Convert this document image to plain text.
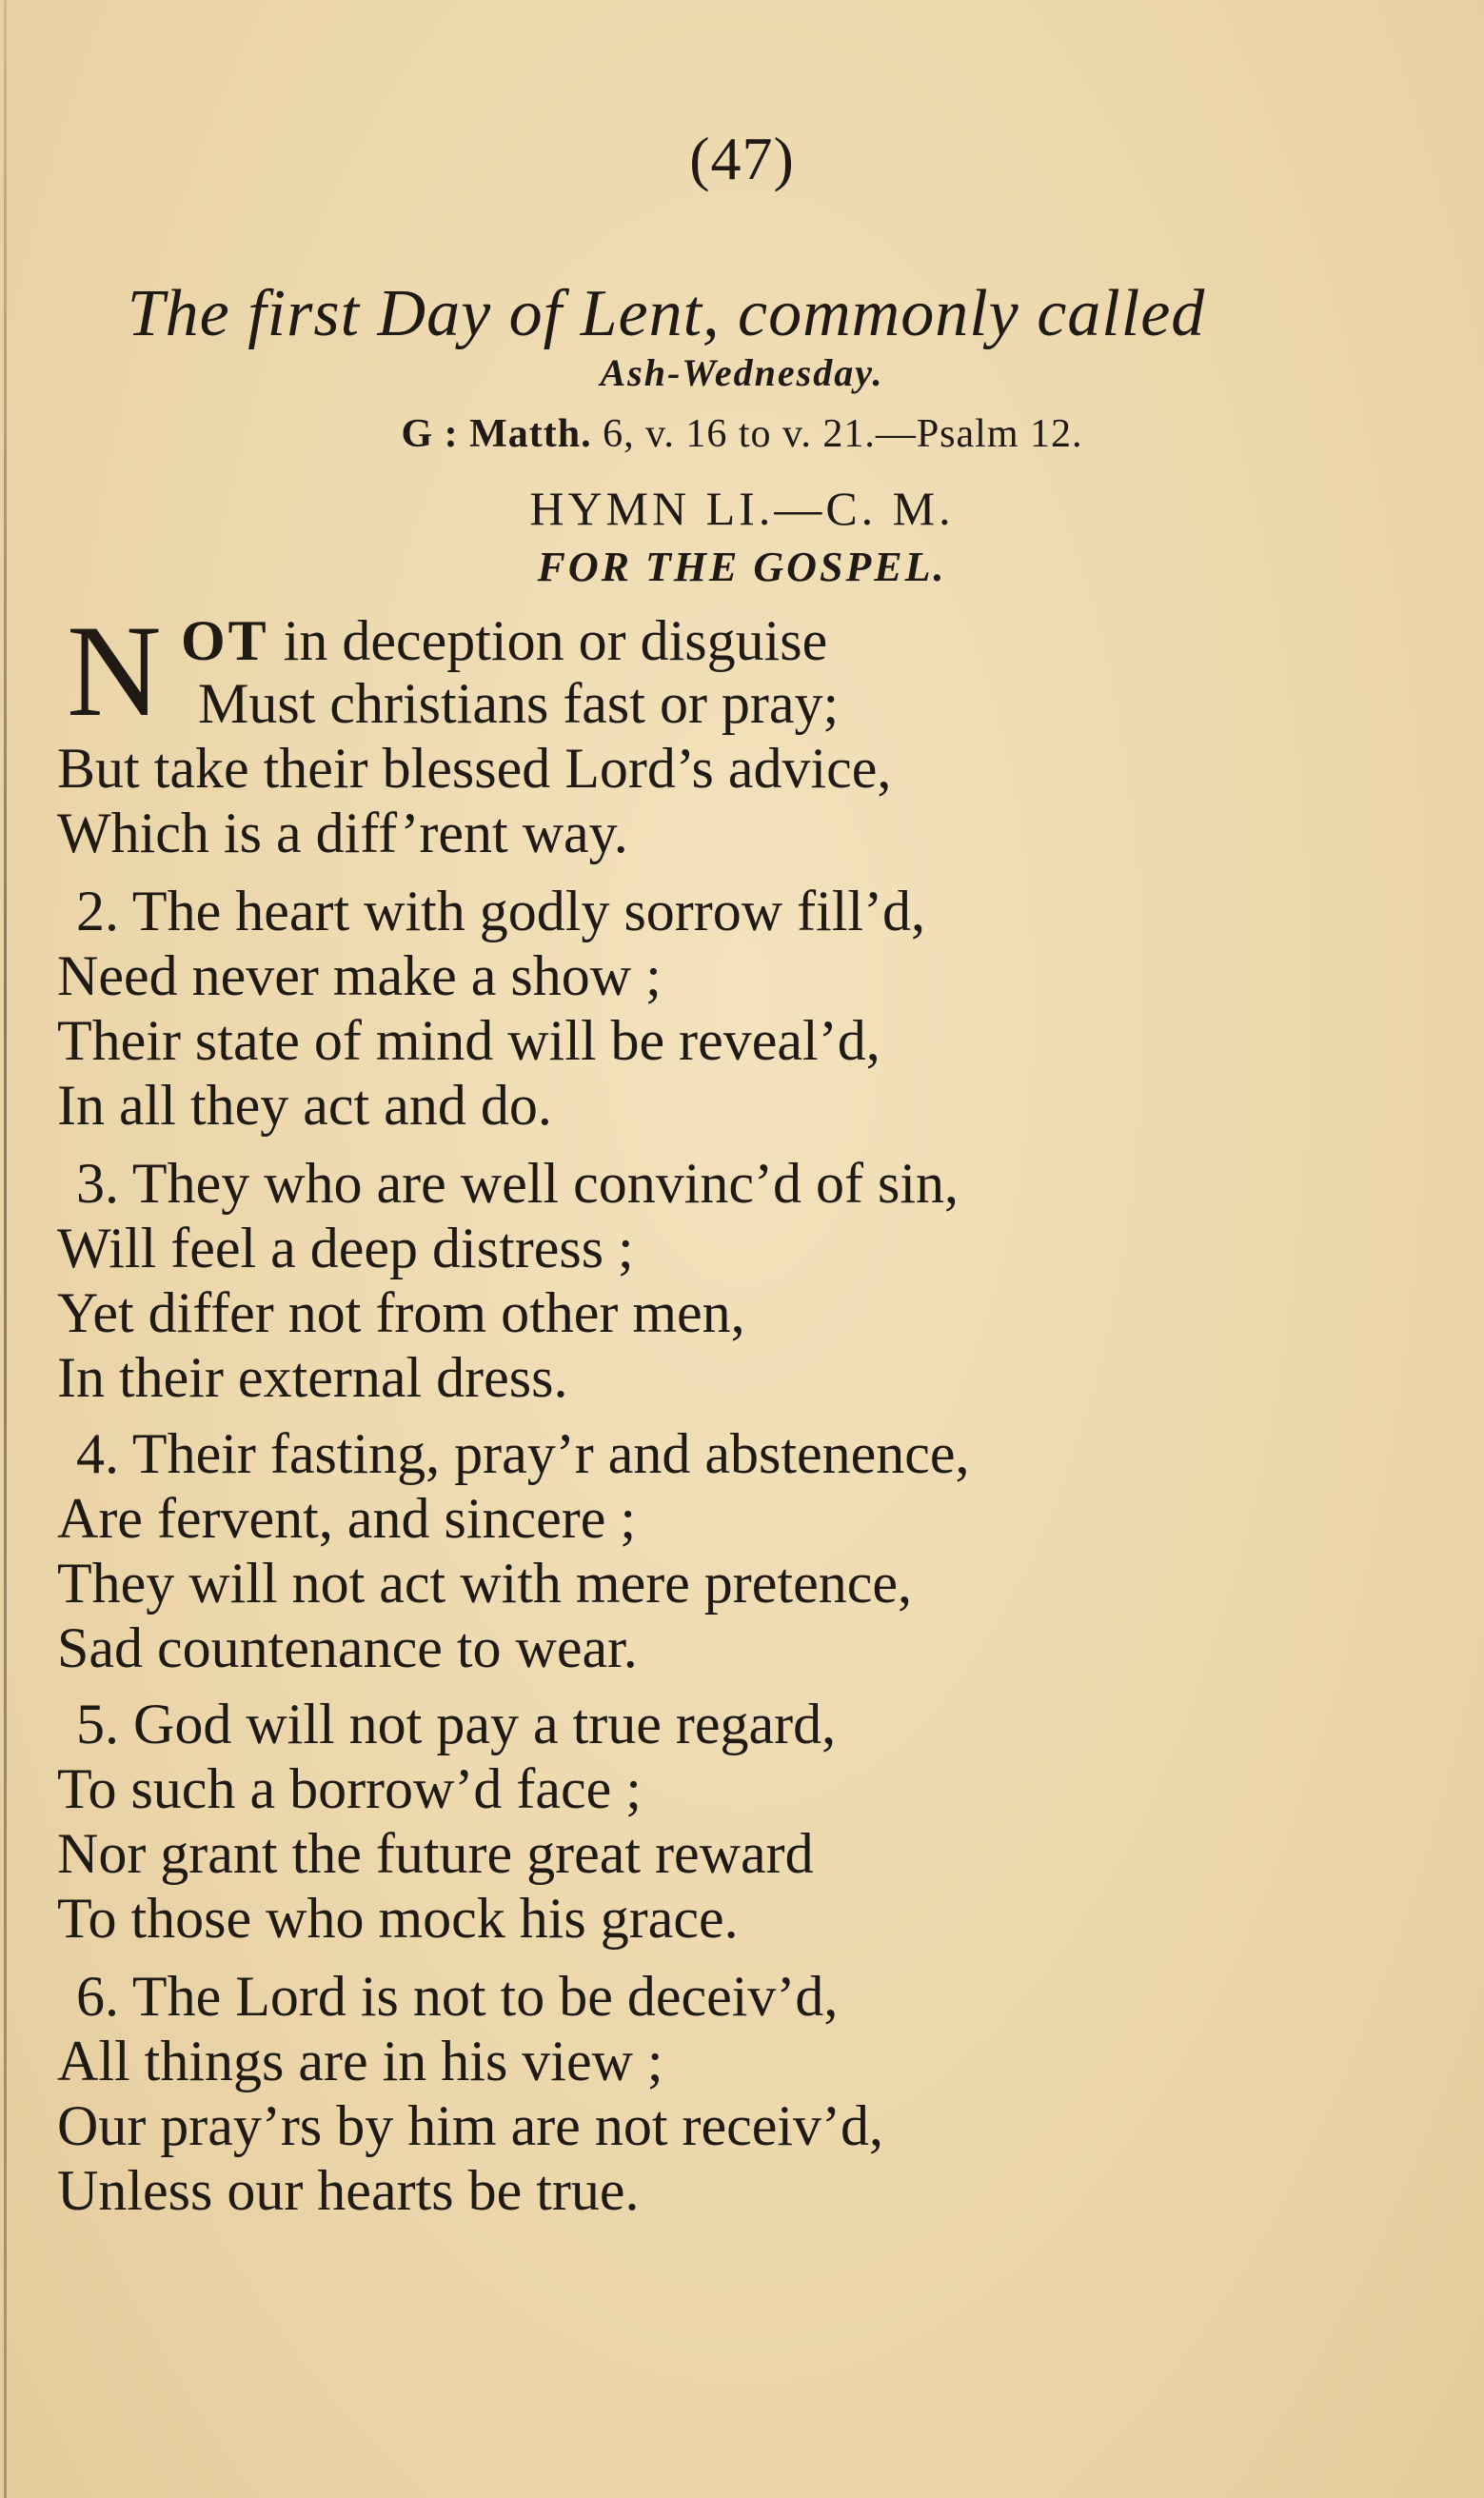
(47)
The first Day of Lent, commonly called
Ash-Wednesday.
G : Matth. 6, v. 16 to v. 21.—Psalm 12.
HYMN LI.—C. M.
FOR THE GOSPEL.
N OT in deception or disguise
Must christians fast or pray;
But take their blessed Lord’s advice,
Which is a diff’rent way.
2. The heart with godly sorrow fill’d,
Need never make a show ;
Their state of mind will be reveal’d,
In all they act and do.
3. They who are well convinc’d of sin,
Will feel a deep distress ;
Yet differ not from other men,
In their external dress.
4. Their fasting, pray’r and abstenence,
Are fervent, and sincere ;
They will not act with mere pretence,
Sad countenance to wear.
5. God will not pay a true regard,
To such a borrow’d face ;
Nor grant the future great reward
To those who mock his grace.
6. The Lord is not to be deceiv’d,
All things are in his view ;
Our pray’rs by him are not receiv’d,
Unless our hearts be true.
